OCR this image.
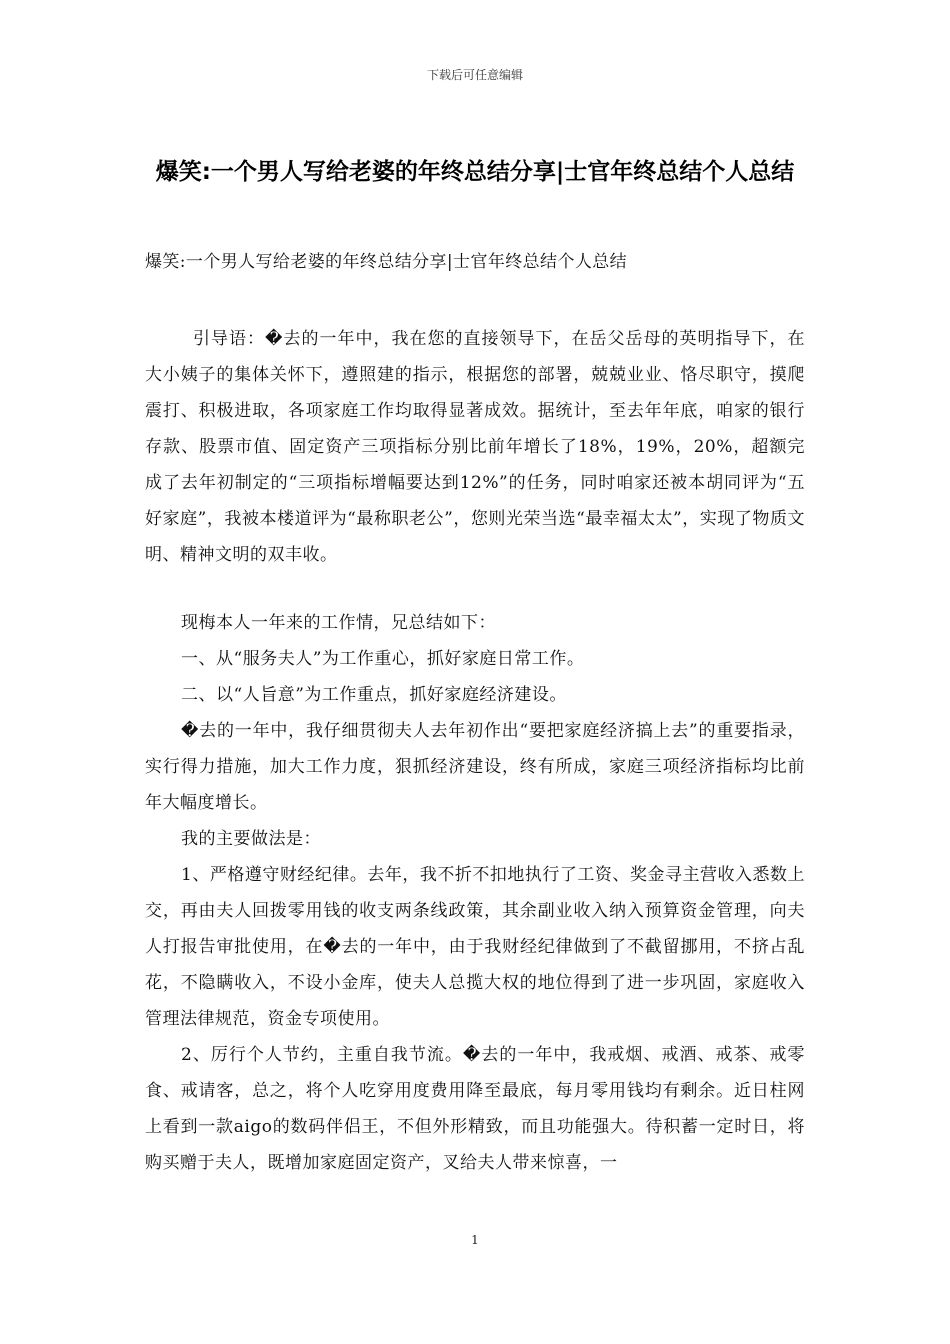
下载后可任意编辑
爆笑:一个男人写给老婆的年终总结分享|士官年终总结个人总结
爆笑:一个男人写给老婆的年终总结分享|士官年终总结个人总结

引导语：�去的一年中，我在您的直接领导下，在岳父岳母的英明指导下，在大小姨子的集体关怀下，遵照建的指示，根据您的部署，兢兢业业、恪尽职守，摸爬震打、积极进取，各项家庭工作均取得显著成效。据统计，至去年年底，咱家的银行存款、股票市值、固定资产三项指标分别比前年增长了18%，19%，20%，超额完成了去年初制定的“三项指标增幅要达到12%”的任务，同时咱家还被本胡同评为“五好家庭”，我被本楼道评为“最称职老公”，您则光荣当选“最幸福太太”，实现了物质文明、精神文明的双丰收。

现梅本人一年来的工作情，兄总结如下：

一、从“服务夫人”为工作重心，抓好家庭日常工作。

二、以“人旨意”为工作重点，抓好家庭经济建设。

�去的一年中，我仔细贯彻夫人去年初作出“要把家庭经济搞上去”的重要指录，实行得力措施，加大工作力度，狠抓经济建设，终有所成，家庭三项经济指标均比前年大幅度增长。

我的主要做法是：

1、严格遵守财经纪律。去年，我不折不扣地执行了工资、奖金寻主营收入悉数上交，再由夫人回拨零用钱的收支两条线政策，其余副业收入纳入预算资金管理，向夫人打报告审批使用，在�去的一年中，由于我财经纪律做到了不截留挪用，不挤占乱花，不隐瞒收入，不设小金库，使夫人总揽大权的地位得到了进一步巩固，家庭收入管理法律规范，资金专项使用。

2、厉行个人节约，主重自我节流。�去的一年中，我戒烟、戒酒、戒茶、戒零食、戒请客，总之，将个人吃穿用度费用降至最底，每月零用钱均有剩余。近日柱网上看到一款aigo的数码伴侣王，不但外形精致，而且功能强大。待积蓄一定时日，将购买赠于夫人，既增加家庭固定资产，叉给夫人带来惊喜，一

1
